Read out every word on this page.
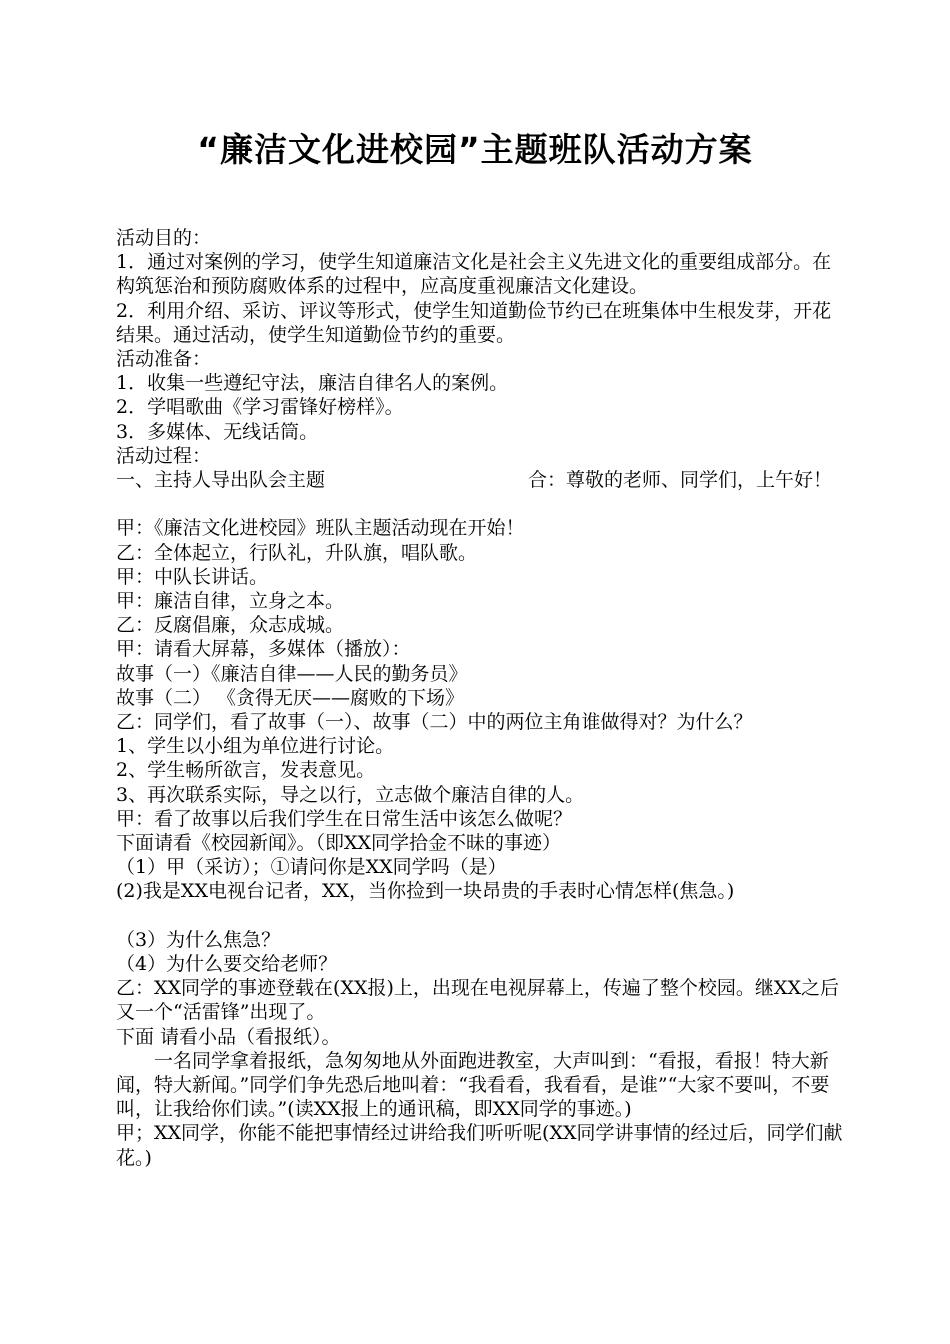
“廉洁文化进校园”主题班队活动方案

活动目的：

1．通过对案例的学习，使学生知道廉洁文化是社会主义先进文化的重要组成部分。在构筑惩治和预防腐败体系的过程中，应高度重视廉洁文化建设。

2．利用介绍、采访、评议等形式，使学生知道勤俭节约已在班集体中生根发芽，开花结果。通过活动，使学生知道勤俭节约的重要。

活动准备：

1．收集一些遵纪守法，廉洁自律名人的案例。

2．学唱歌曲《学习雷锋好榜样》。

3．多媒体、无线话筒。

活动过程：

一、主持人导出队会主题	合：尊敬的老师、同学们，上午好！

甲：《廉洁文化进校园》班队主题活动现在开始！

乙：全体起立，行队礼，升队旗，唱队歌。

甲：中队长讲话。

甲：廉洁自律，立身之本。

乙：反腐倡廉，众志成城。

甲：请看大屏幕，多媒体（播放）：

故事（一）《廉洁自律——人民的勤务员》

故事（二） 《贪得无厌——腐败的下场》

乙：同学们，看了故事（一）、故事（二）中的两位主角谁做得对？为什么？

1、学生以小组为单位进行讨论。

2、学生畅所欲言，发表意见。

3、再次联系实际，导之以行，立志做个廉洁自律的人。

甲：看了故事以后我们学生在日常生活中该怎么做呢？

下面请看《校园新闻》。（即XX同学拾金不昧的事迹）

（1）甲（采访）；①请问你是XX同学吗（是）

(2)我是XX电视台记者，XX，当你捡到一块昂贵的手表时心情怎样(焦急。)

（3）为什么焦急？

（4）为什么要交给老师？

乙：XX同学的事迹登载在(XX报)上，出现在电视屏幕上，传遍了整个校园。继XX之后又一个“活雷锋”出现了。

下面 请看小品（看报纸）。

一名同学拿着报纸，急匆匆地从外面跑进教室，大声叫到：“看报，看报！特大新闻，特大新闻。”同学们争先恐后地叫着：“我看看，我看看，是谁”“大家不要叫，不要叫，让我给你们读。”(读XX报上的通讯稿，即XX同学的事迹。)

甲；XX同学，你能不能把事情经过讲给我们听听呢(XX同学讲事情的经过后，同学们献花。)
